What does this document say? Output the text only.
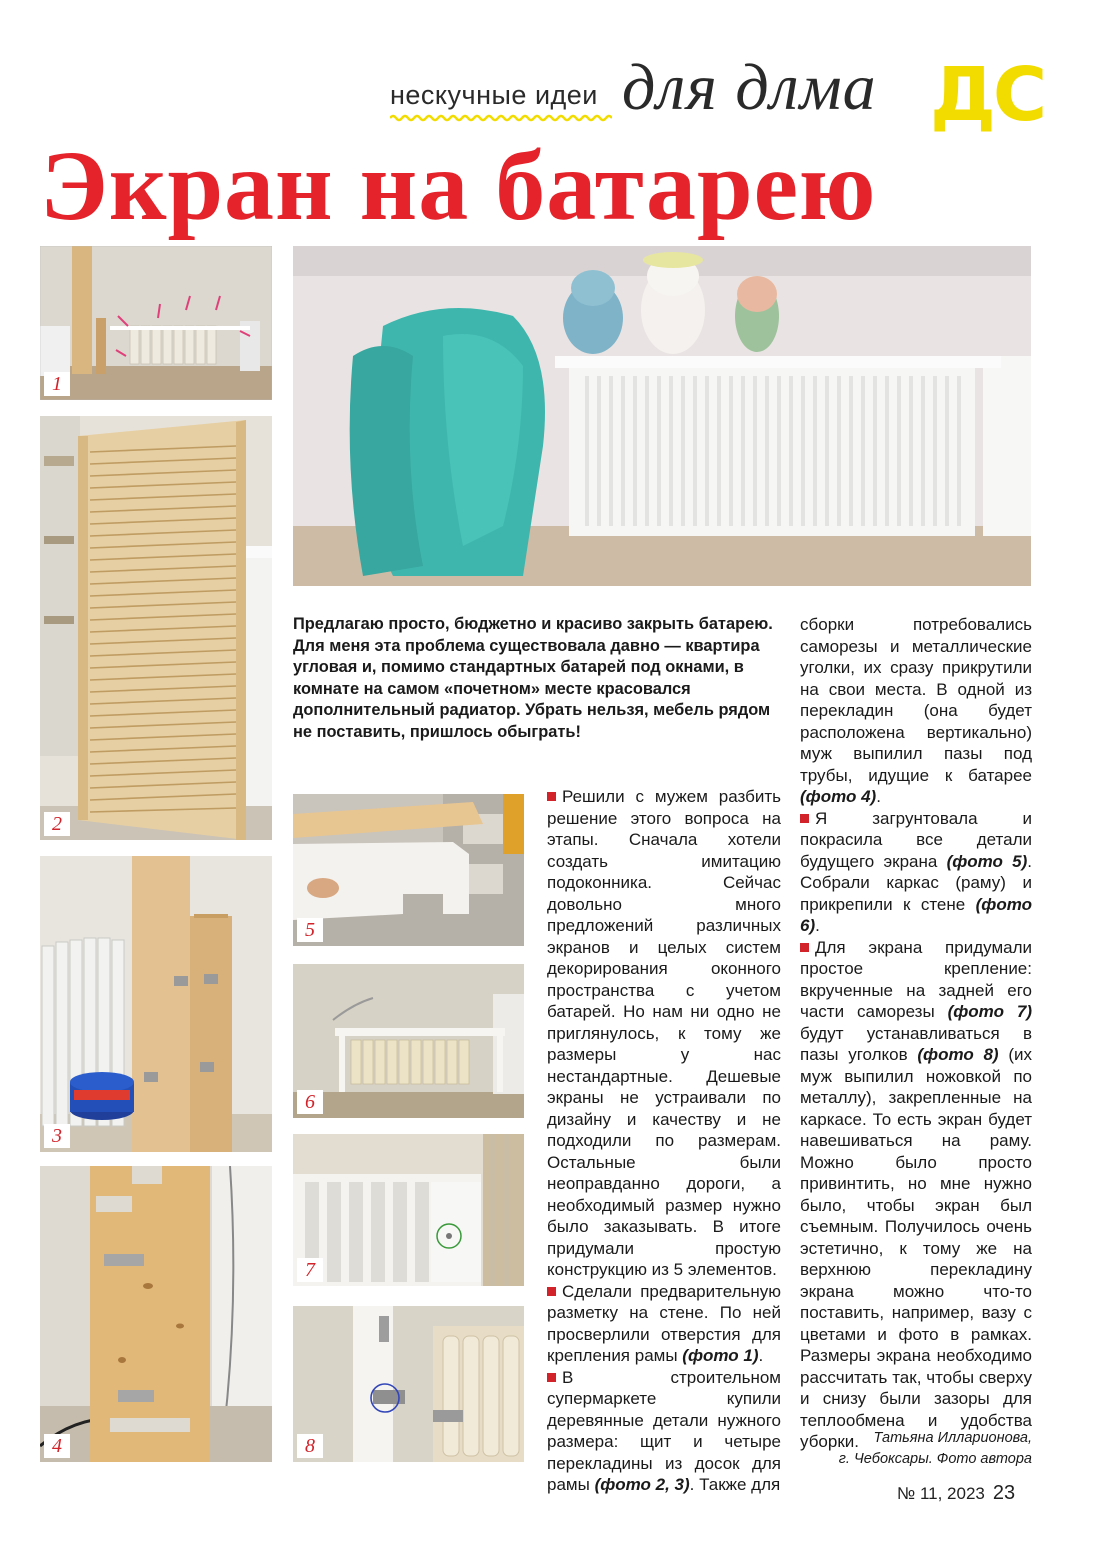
нескучные идеи для длма ДС
Экран на батарею
1
2
3
4
5
6
7
8

Предлагаю просто, бюджетно и красиво закрыть батарею. Для меня эта проблема существовала давно — квартира угловая и, помимо стандартных батарей под окнами, в комнате на самом «почетном» месте красовался дополнительный радиатор. Убрать нельзя, мебель рядом не поставить, пришлось обыграть!

Решили с мужем разбить решение этого вопроса на этапы. Сначала хотели создать имитацию подоконника. Сейчас довольно много предложений различных экранов и целых систем декорирования оконного пространства с учетом батарей. Но нам ни одно не приглянулось, к тому же размеры у нас нестандартные. Дешевые экраны не устраивали по дизайну и качеству и не подходили по размерам. Остальные были неоправданно дороги, а необходимый размер нужно было заказывать. В итоге придумали простую конструкцию из 5 элементов.

Сделали предварительную разметку на стене. По ней просверлили отверстия для крепления рамы (фото 1).

В строительном супермаркете купили деревянные детали нужного размера: щит и четыре перекладины из досок для рамы (фото 2, 3). Также для

сборки потребовались саморезы и металлические уголки, их сразу прикрутили на свои места. В одной из перекладин (она будет расположена вертикально) муж выпилил пазы под трубы, идущие к батарее (фото 4).

Я загрунтовала и покрасила все детали будущего экрана (фото 5). Собрали каркас (раму) и прикрепили к стене (фото 6).

Для экрана придумали простое крепление: вкрученные на задней его части саморезы (фото 7) будут устанавливаться в пазы уголков (фото 8) (их муж выпилил ножовкой по металлу), закрепленные на каркасе. То есть экран будет навешиваться на раму. Можно было просто привинтить, но мне нужно было, чтобы экран был съемным. Получилось очень эстетично, к тому же на верхнюю перекладину экрана можно что-то поставить, например, вазу с цветами и фото в рамках. Размеры экрана необходимо рассчитать так, чтобы сверху и снизу были зазоры для теплообмена и удобства уборки.	Татьяна Илларионова,
г. Чебоксары. Фото автора
№ 11, 2023 23
